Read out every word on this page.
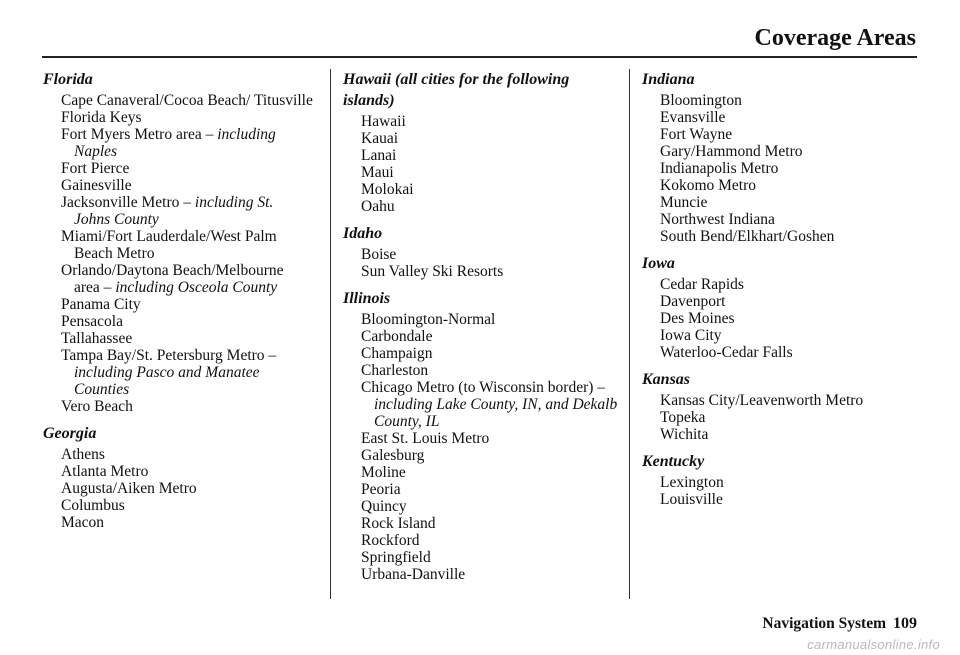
Coverage Areas
Florida
Cape Canaveral/Cocoa Beach/ Titusville
Florida Keys
Fort Myers Metro area – including Naples
Fort Pierce
Gainesville
Jacksonville Metro – including St. Johns County
Miami/Fort Lauderdale/West Palm Beach Metro
Orlando/Daytona Beach/Melbourne area – including Osceola County
Panama City
Pensacola
Tallahassee
Tampa Bay/St. Petersburg Metro – including Pasco and Manatee Counties
Vero Beach
Georgia
Athens
Atlanta Metro
Augusta/Aiken Metro
Columbus
Macon
Hawaii (all cities for the following islands)
Hawaii
Kauai
Lanai
Maui
Molokai
Oahu
Idaho
Boise
Sun Valley Ski Resorts
Illinois
Bloomington-Normal
Carbondale
Champaign
Charleston
Chicago Metro (to Wisconsin border) – including Lake County, IN, and Dekalb County, IL
East St. Louis Metro
Galesburg
Moline
Peoria
Quincy
Rock Island
Rockford
Springfield
Urbana-Danville
Indiana
Bloomington
Evansville
Fort Wayne
Gary/Hammond Metro
Indianapolis Metro
Kokomo Metro
Muncie
Northwest Indiana
South Bend/Elkhart/Goshen
Iowa
Cedar Rapids
Davenport
Des Moines
Iowa City
Waterloo-Cedar Falls
Kansas
Kansas City/Leavenworth Metro
Topeka
Wichita
Kentucky
Lexington
Louisville
Navigation System 109
carmanualsonline.info
